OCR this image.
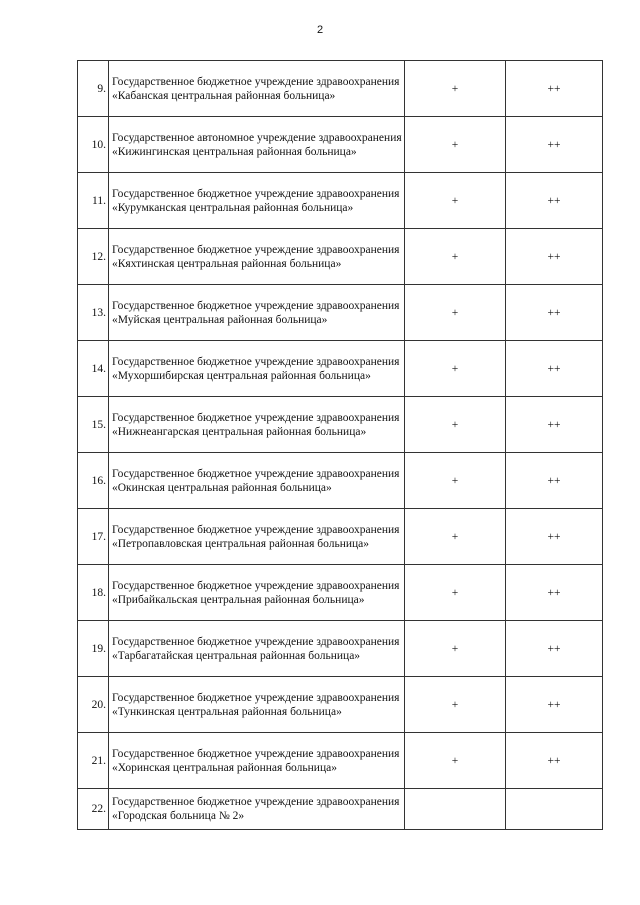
2
9.	Государственное бюджетное учреждение здравоохранения «Кабанская центральная районная больница»	+	++
10.	Государственное автономное учреждение здравоохранения «Кижингинская центральная районная больница»	+	++
11.	Государственное бюджетное учреждение здравоохранения «Курумканская центральная районная больница»	+	++
12.	Государственное бюджетное учреждение здравоохранения «Кяхтинская центральная районная больница»	+	++
13.	Государственное бюджетное учреждение здравоохранения «Муйская центральная районная больница»	+	++
14.	Государственное бюджетное учреждение здравоохранения «Мухоршибирская центральная районная больница»	+	++
15.	Государственное бюджетное учреждение здравоохранения «Нижнеангарская центральная районная больница»	+	++
16.	Государственное бюджетное учреждение здравоохранения «Окинская центральная районная больница»	+	++
17.	Государственное бюджетное учреждение здравоохранения «Петропавловская центральная районная больница»	+	++
18.	Государственное бюджетное учреждение здравоохранения «Прибайкальская центральная районная больница»	+	++
19.	Государственное бюджетное учреждение здравоохранения «Тарбагатайская центральная районная больница»	+	++
20.	Государственное бюджетное учреждение здравоохранения «Тункинская центральная районная больница»	+	++
21.	Государственное бюджетное учреждение здравоохранения «Хоринская центральная районная больница»	+	++
22.	Государственное бюджетное учреждение здравоохранения «Городская больница № 2»		
